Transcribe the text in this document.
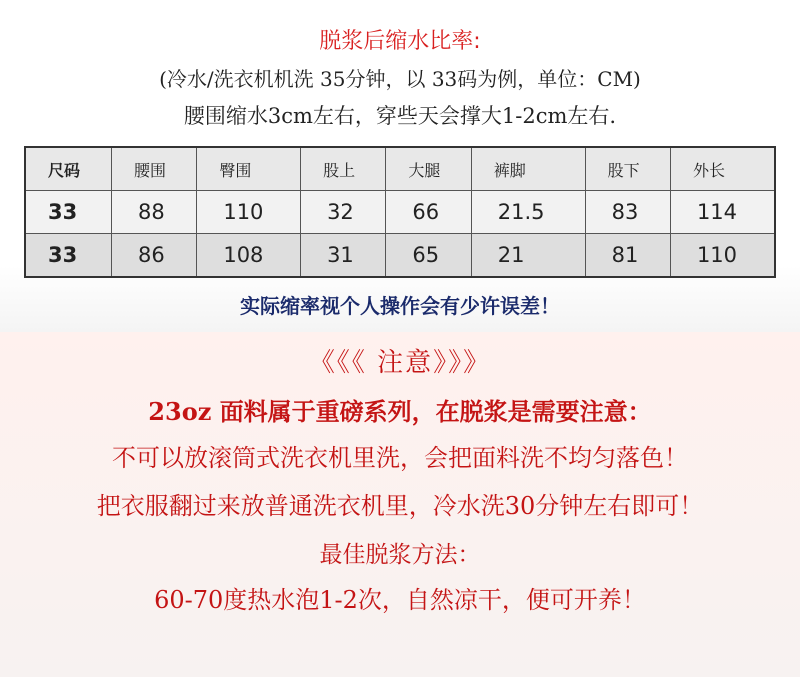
脱浆后缩水比率:
(冷水/洗衣机机洗 35分钟，以 33码为例，单位：CM)
腰围缩水3cm左右，穿些天会撑大1-2cm左右.
尺码	腰围	臀围	股上	大腿	裤脚	股下	外长
33	88	110	32	66	21.5	83	114
33	86	108	31	65	21	81	110
实际缩率视个人操作会有少许误差！
《《《 注意》》》
23oz 面料属于重磅系列，在脱浆是需要注意：
不可以放滚筒式洗衣机里洗，会把面料洗不均匀落色！
把衣服翻过来放普通洗衣机里，冷水洗30分钟左右即可！
最佳脱浆方法：
60-70度热水泡1-2次，自然凉干，便可开养！
